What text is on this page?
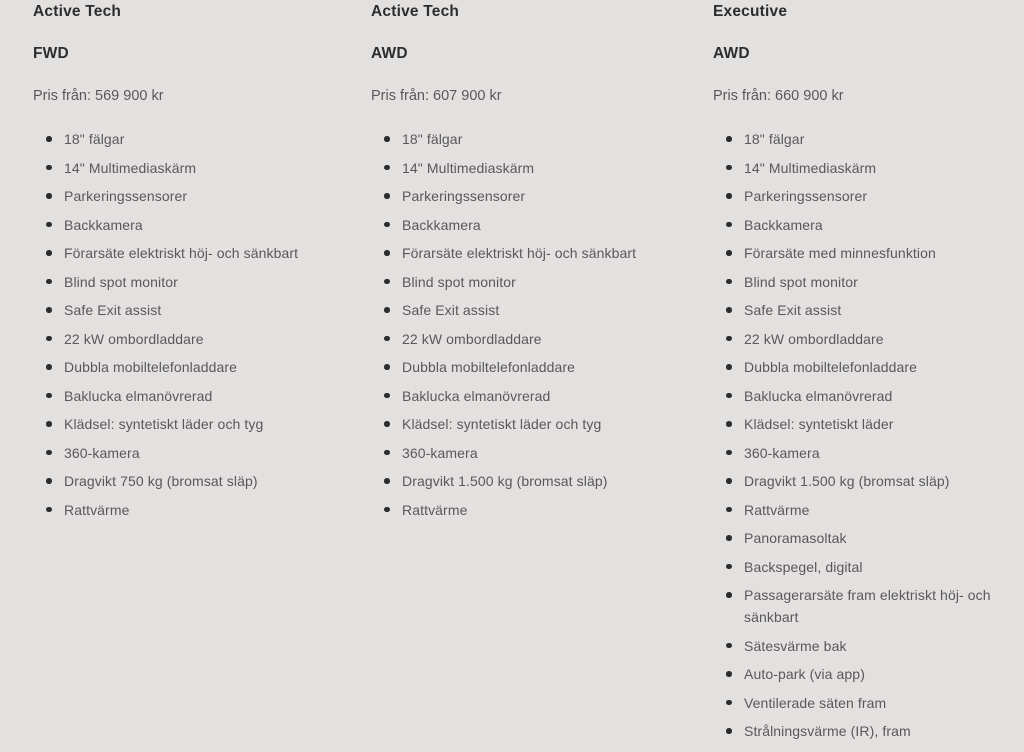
Active Tech
FWD

Pris från: 569 900 kr

18" fälgar
14" Multimediaskärm
Parkeringssensorer
Backkamera
Förarsäte elektriskt höj- och sänkbart
Blind spot monitor
Safe Exit assist
22 kW ombordladdare
Dubbla mobiltelefonladdare
Baklucka elmanövrerad
Klädsel: syntetiskt läder och tyg
360-kamera
Dragvikt 750 kg (bromsat släp)
Rattvärme
Active Tech
AWD

Pris från: 607 900 kr

18" fälgar
14" Multimediaskärm
Parkeringssensorer
Backkamera
Förarsäte elektriskt höj- och sänkbart
Blind spot monitor
Safe Exit assist
22 kW ombordladdare
Dubbla mobiltelefonladdare
Baklucka elmanövrerad
Klädsel: syntetiskt läder och tyg
360-kamera
Dragvikt 1.500 kg (bromsat släp)
Rattvärme
Executive
AWD

Pris från: 660 900 kr

18" fälgar
14" Multimediaskärm
Parkeringssensorer
Backkamera
Förarsäte med minnesfunktion
Blind spot monitor
Safe Exit assist
22 kW ombordladdare
Dubbla mobiltelefonladdare
Baklucka elmanövrerad
Klädsel: syntetiskt läder
360-kamera
Dragvikt 1.500 kg (bromsat släp)
Rattvärme
Panoramasoltak
Backspegel, digital
Passagerarsäte fram elektriskt höj- och sänkbart
Sätesvärme bak
Auto-park (via app)
Ventilerade säten fram
Strålningsvärme (IR), fram
